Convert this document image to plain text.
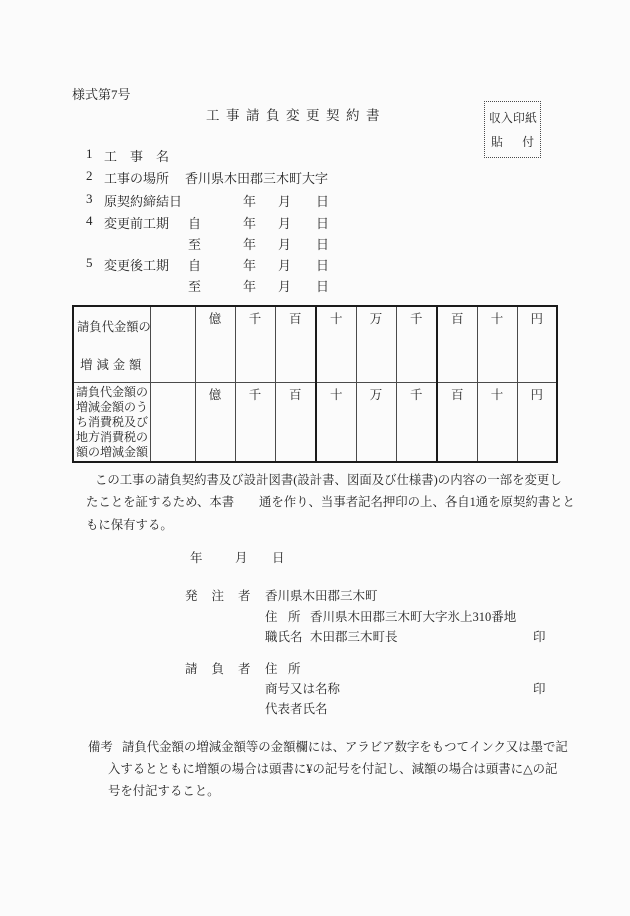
様式第7号
工事請負変更契約書	収入印紙
貼 付
1 工事名
2 工事の場所 香川県木田郡三木町大字
3 原契約締結日	年 月 日
4 変更前工期 自	年 月 日
至	年 月 日
5 変更後工期 自	年 月 日
至	年 月 日
請負代金額の
増減金額		億	千	百	十	万	千	百	十	円
請負代金額の増減金額のうち消費税及び地方消費税の額の増減金額		億	千	百	十	万	千	百	十	円
この工事の請負契約書及び設計図書(設計書、図面及び仕様書)の内容の一部を変更し
たことを証するため、本書　　通を作り、当事者記名押印の上、各自1通を原契約書とと
もに保有する。
年	月 日
発注者 香川県木田郡三木町
住所
香川県木田郡三木町大字氷上310番地
職氏名 木田郡三木町長	印
請負者 住所
商号又は名称	印
代表者氏名
備考 請負代金額の増減金額等の金額欄には、アラビア数字をもつてインク又は墨で記
入するとともに増額の場合は頭書に¥の記号を付記し、減額の場合は頭書に△の記
号を付記すること。
